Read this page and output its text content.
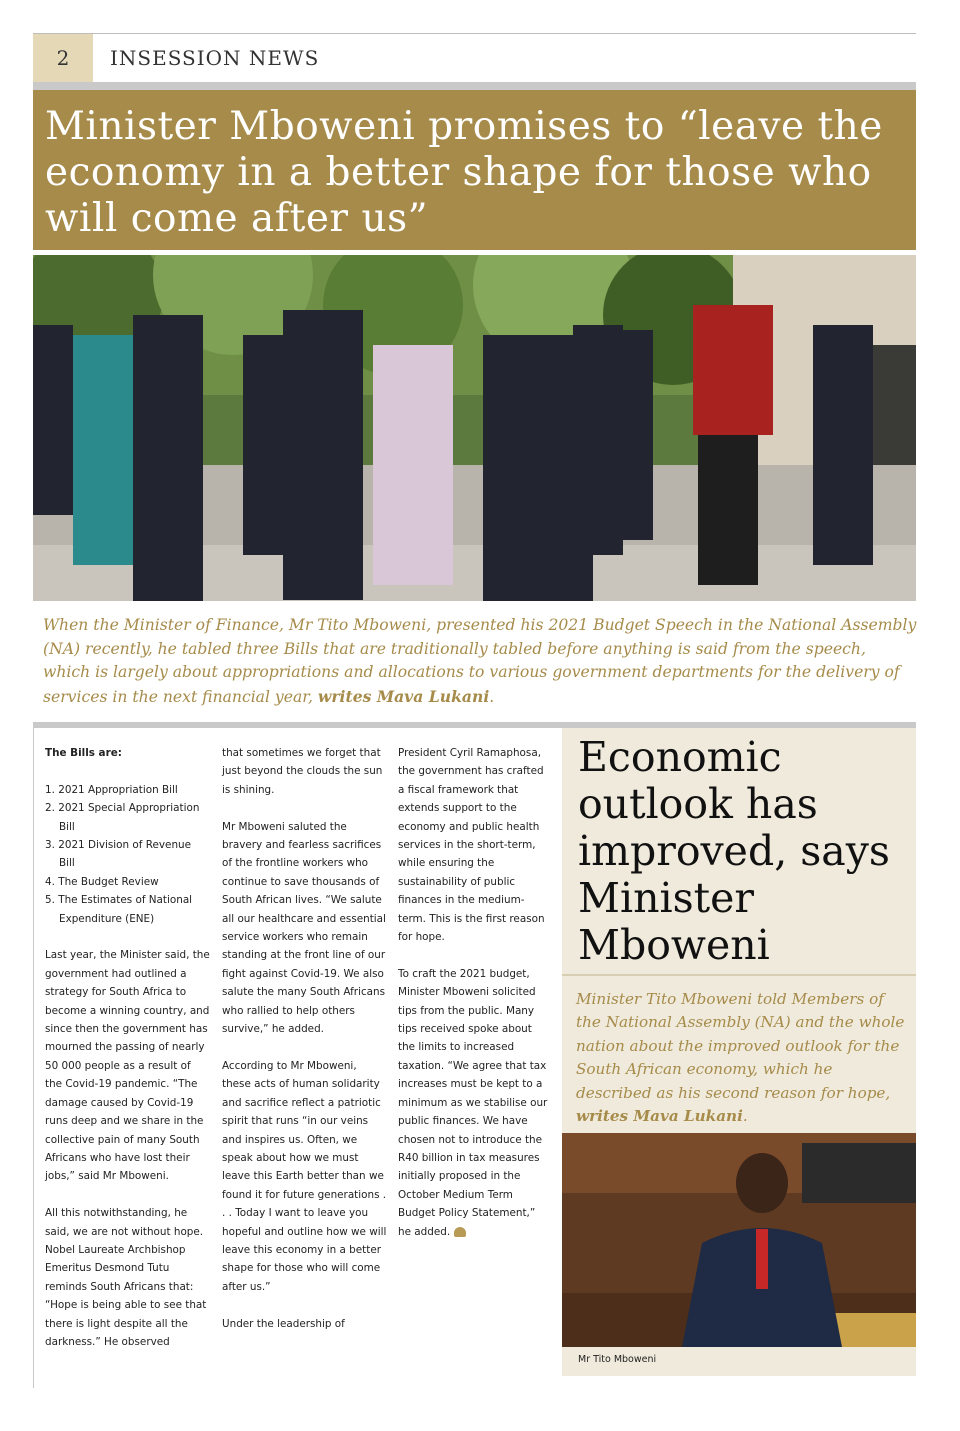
2 INSESSION NEWS
Minister Mboweni promises to “leave the economy in a better shape for those who will come after us”

When the Minister of Finance, Mr Tito Mboweni, presented his 2021 Budget Speech in the National Assembly (NA) recently, he tabled three Bills that are traditionally tabled before anything is said from the speech, which is largely about appropriations and allocations to various government departments for the delivery of services in the next financial year, writes Mava Lukani.

The Bills are:

1. 2021 Appropriation Bill
2. 2021 Special Appropriation Bill
3. 2021 Division of Revenue Bill
4. The Budget Review
5. The Estimates of National Expenditure (ENE)

Last year, the Minister said, the government had outlined a strategy for South Africa to become a winning country, and since then the government has mourned the passing of nearly 50 000 people as a result of the Covid-19 pandemic. “The damage caused by Covid-19 runs deep and we share in the collective pain of many South Africans who have lost their jobs,” said Mr Mboweni.

All this notwithstanding, he said, we are not without hope. Nobel Laureate Archbishop Emeritus Desmond Tutu reminds South Africans that: “Hope is being able to see that there is light despite all the darkness.” He observed

that sometimes we forget that just beyond the clouds the sun is shining.

Mr Mboweni saluted the bravery and fearless sacrifices of the frontline workers who continue to save thousands of South African lives. “We salute all our healthcare and essential service workers who remain standing at the front line of our fight against Covid-19. We also salute the many South Africans who rallied to help others survive,” he added.

According to Mr Mboweni, these acts of human solidarity and sacrifice reflect a patriotic spirit that runs “in our veins and inspires us. Often, we speak about how we must leave this Earth better than we found it for future generations . . . Today I want to leave you hopeful and outline how we will leave this economy in a better shape for those who will come after us.”

Under the leadership of

President Cyril Ramaphosa, the government has crafted a fiscal framework that extends support to the economy and public health services in the short-term, while ensuring the sustainability of public finances in the medium-term. This is the first reason for hope.

To craft the 2021 budget, Minister Mboweni solicited tips from the public. Many tips received spoke about the limits to increased taxation. “We agree that tax increases must be kept to a minimum as we stabilise our public finances. We have chosen not to introduce the R40 billion in tax measures initially proposed in the October Medium Term Budget Policy Statement,” he added.

Economic outlook has improved, says Minister Mboweni

Minister Tito Mboweni told Members of the National Assembly (NA) and the whole nation about the improved outlook for the South African economy, which he described as his second reason for hope, writes Mava Lukani.

Mr Tito Mboweni
